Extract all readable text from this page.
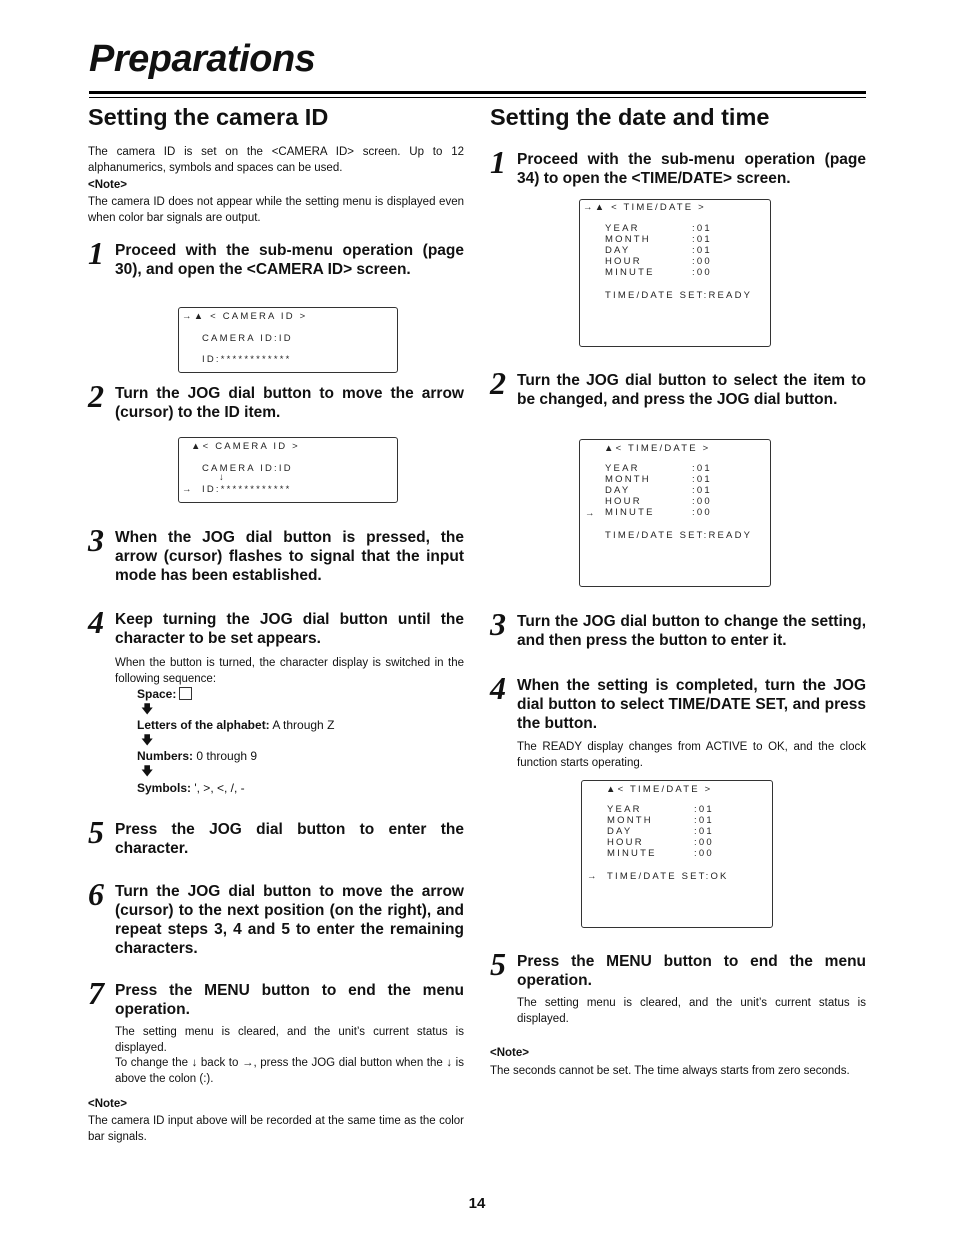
Preparations
Setting the camera ID

The camera ID is set on the <CAMERA ID> screen. Up to 12 alphanumerics, symbols and spaces can be used.

<Note>

The camera ID does not appear while the setting menu is displayed even when color bar signals are output.

1 Proceed with the sub-menu operation (page 30), and open the <CAMERA ID> screen.

→▲ < CAMERA ID >
CAMERA ID:ID
ID:************
2 Turn the JOG dial button to move the arrow (cursor) to the ID item.

▲< CAMERA ID >
CAMERA ID:ID
↓
→ ID:************
3 When the JOG dial button is pressed, the arrow (cursor) flashes to signal that the input mode has been established.

4 Keep turning the JOG dial button until the character to be set appears.

When the button is turned, the character display is switched in the following sequence:

Space:
🡇
Letters of the alphabet: A through Z
🡇
Numbers: 0 through 9
🡇
Symbols: ', >, <, /, -
5 Press the JOG dial button to enter the character.

6 Turn the JOG dial button to move the arrow (cursor) to the next position (on the right), and repeat steps 3, 4 and 5 to enter the remaining characters.

7 Press the MENU button to end the menu operation.

The setting menu is cleared, and the unit’s current status is displayed.

To change the ↓ back to →, press the JOG dial button when the ↓ is above the colon (:).

<Note>

The camera ID input above will be recorded at the same time as the color bar signals.

Setting the date and time
1 Proceed with the sub-menu operation (page 34) to open the <TIME/DATE> screen.

→▲ < TIME/DATE >
YEAR	:01
MONTH	:01
DAY	:01
HOUR	:00
MINUTE	:00
TIME/DATE SET:READY
2 Turn the JOG dial button to select the item to be changed, and press the JOG dial button.

▲< TIME/DATE >
YEAR	:01
MONTH	:01
DAY	:01
HOUR	:00
MINUTE	:00
→
TIME/DATE SET:READY
3 Turn the JOG dial button to change the setting, and then press the button to enter it.

4 When the setting is completed, turn the JOG dial button to select TIME/DATE SET, and press the button.

The READY display changes from ACTIVE to OK, and the clock function starts operating.

▲< TIME/DATE >
YEAR	:01
MONTH	:01
DAY	:01
HOUR	:00
MINUTE	:00
→ TIME/DATE SET:OK
5 Press the MENU button to end the menu operation.

The setting menu is cleared, and the unit’s current status is displayed.

<Note>

The seconds cannot be set. The time always starts from zero seconds.

14
